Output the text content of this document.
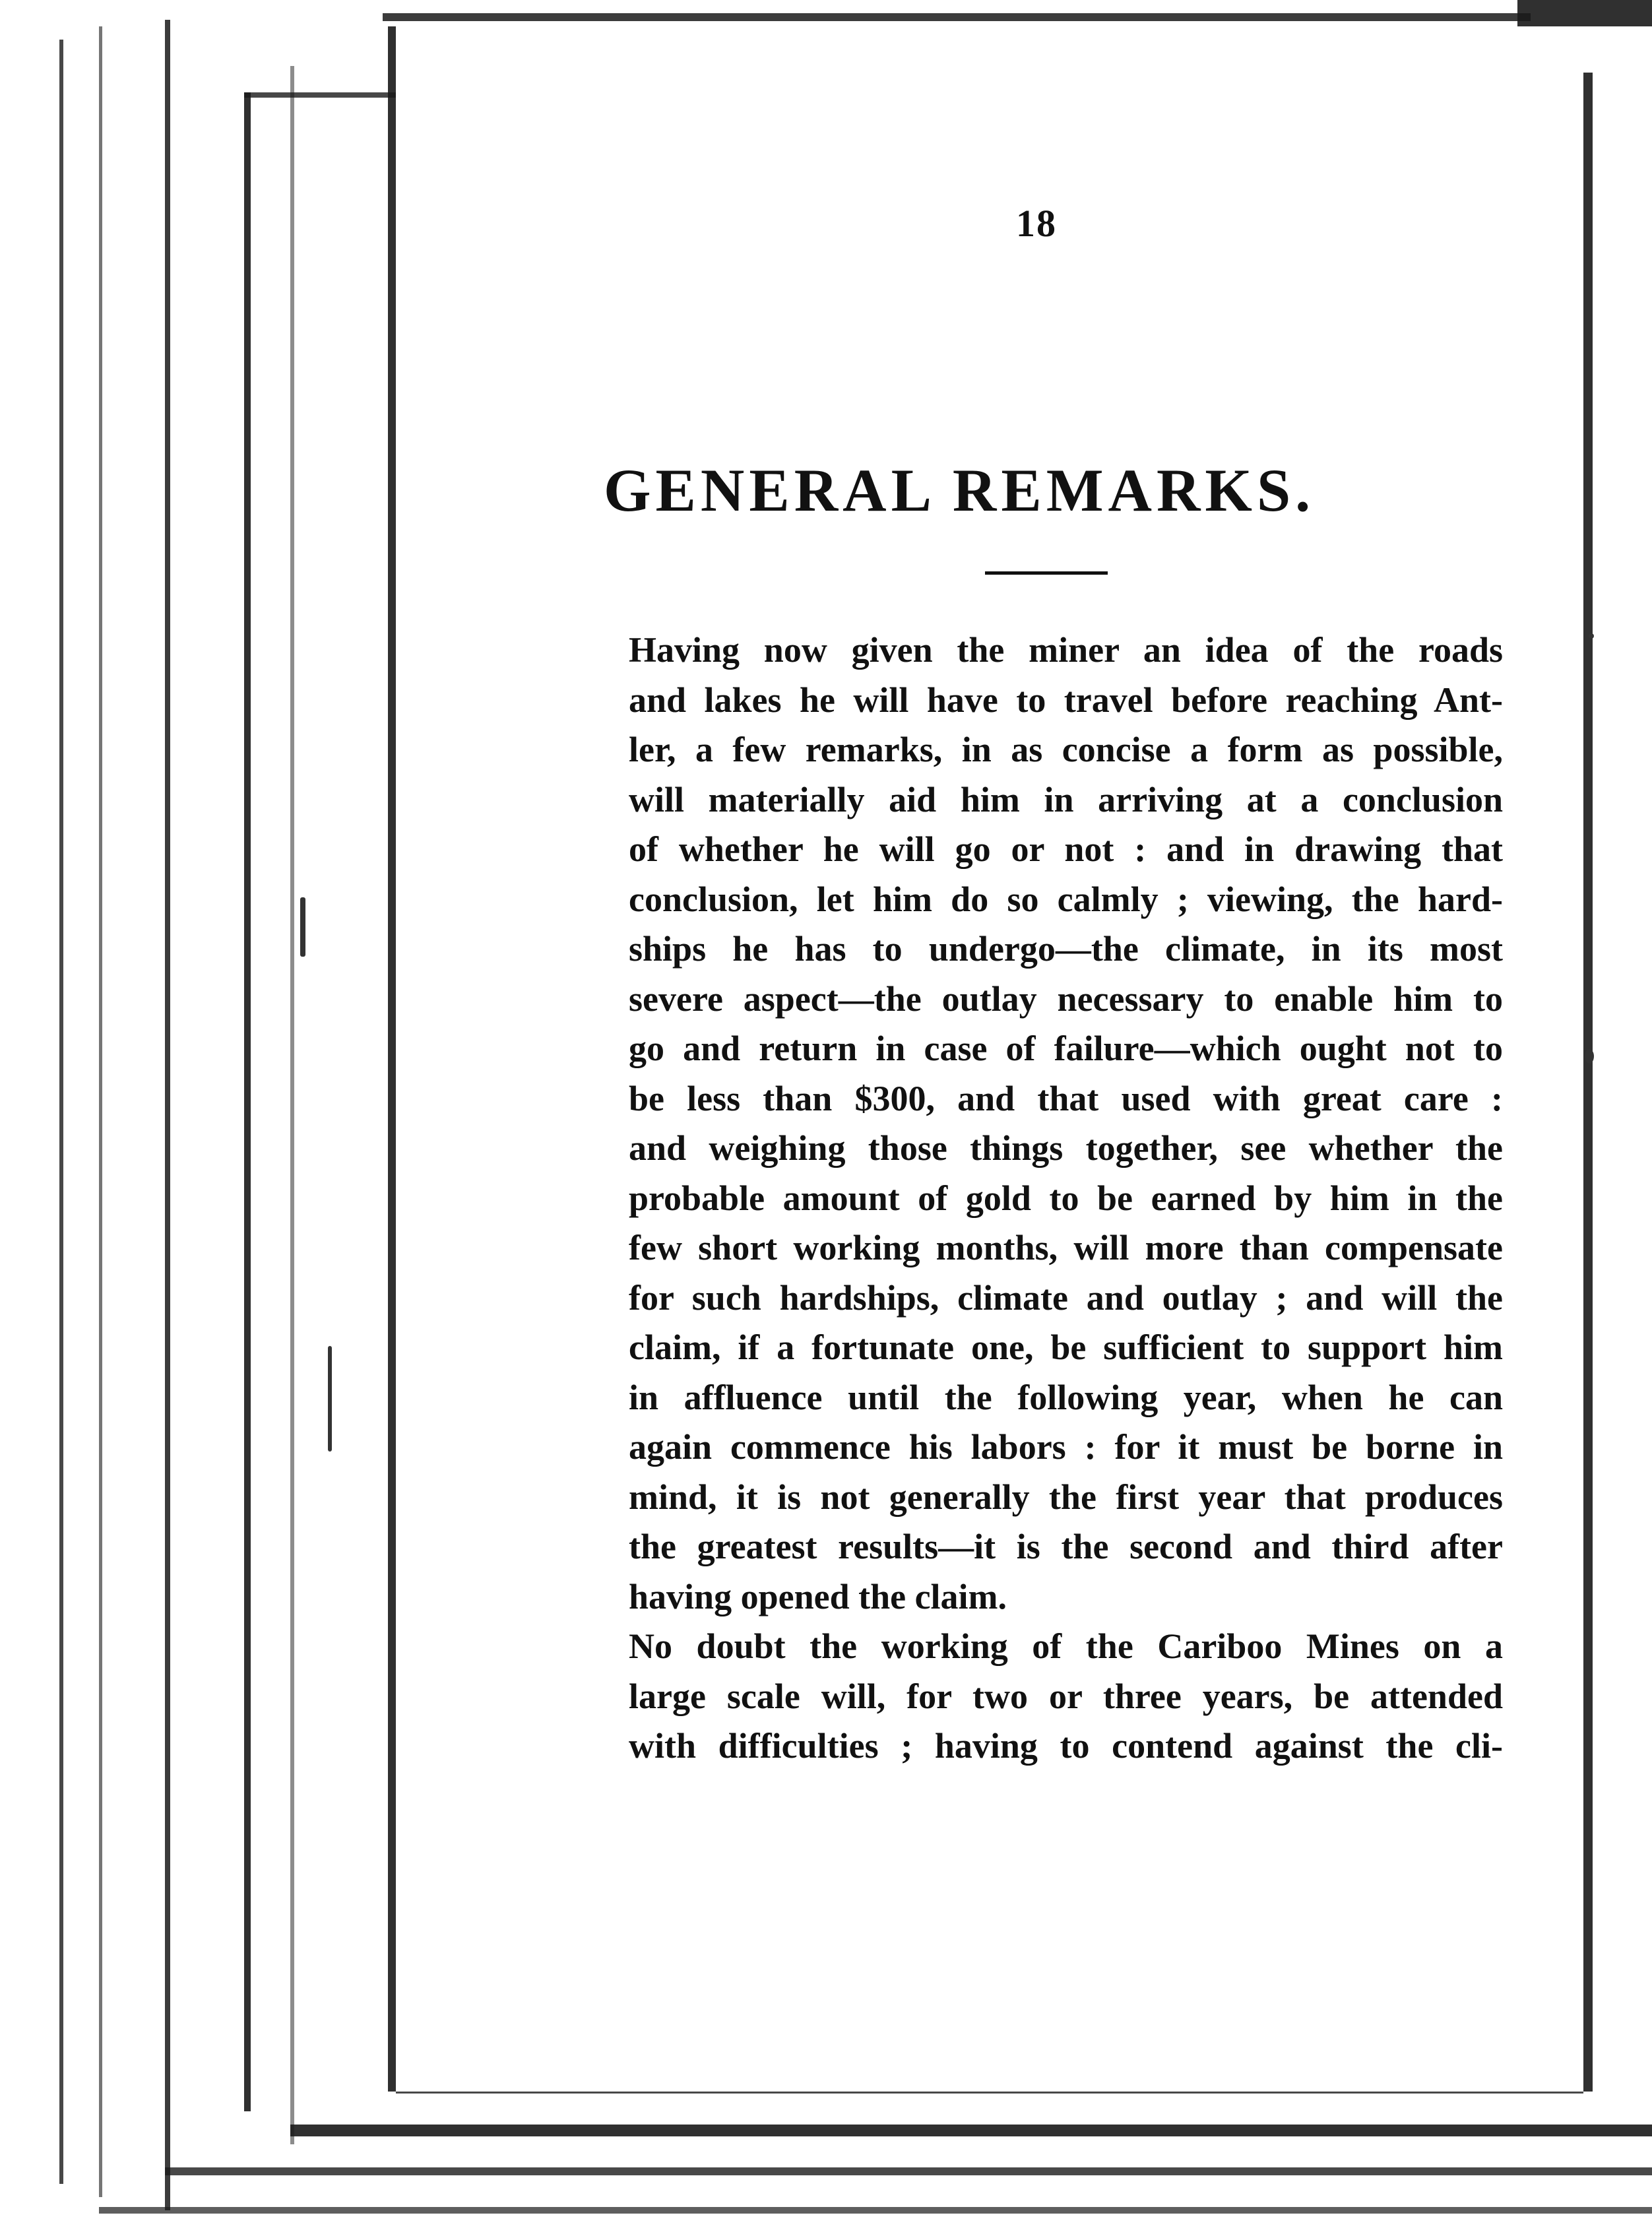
18
GENERAL REMARKS.
Having now given the miner an idea of the roads
and lakes he will have to travel before reaching Ant-
ler, a few remarks, in as concise a form as possible,
will materially aid him in arriving at a conclusion
of whether he will go or not : and in drawing that
conclusion, let him do so calmly ; viewing, the hard-
ships he has to undergo—the climate, in its most
severe aspect—the outlay necessary to enable him to
go and return in case of failure—which ought not to
be less than $300, and that used with great care :
and weighing those things together, see whether the
probable amount of gold to be earned by him in the
few short working months, will more than compensate
for such hardships, climate and outlay ; and will the
claim, if a fortunate one, be sufficient to support him
in affluence until the following year, when he can
again commence his labors : for it must be borne in
mind, it is not generally the first year that produces
the greatest results—it is the second and third after
having opened the claim.
No doubt the working of the Cariboo Mines on a
large scale will, for two or three years, be attended
with difficulties ; having to contend against the cli-
